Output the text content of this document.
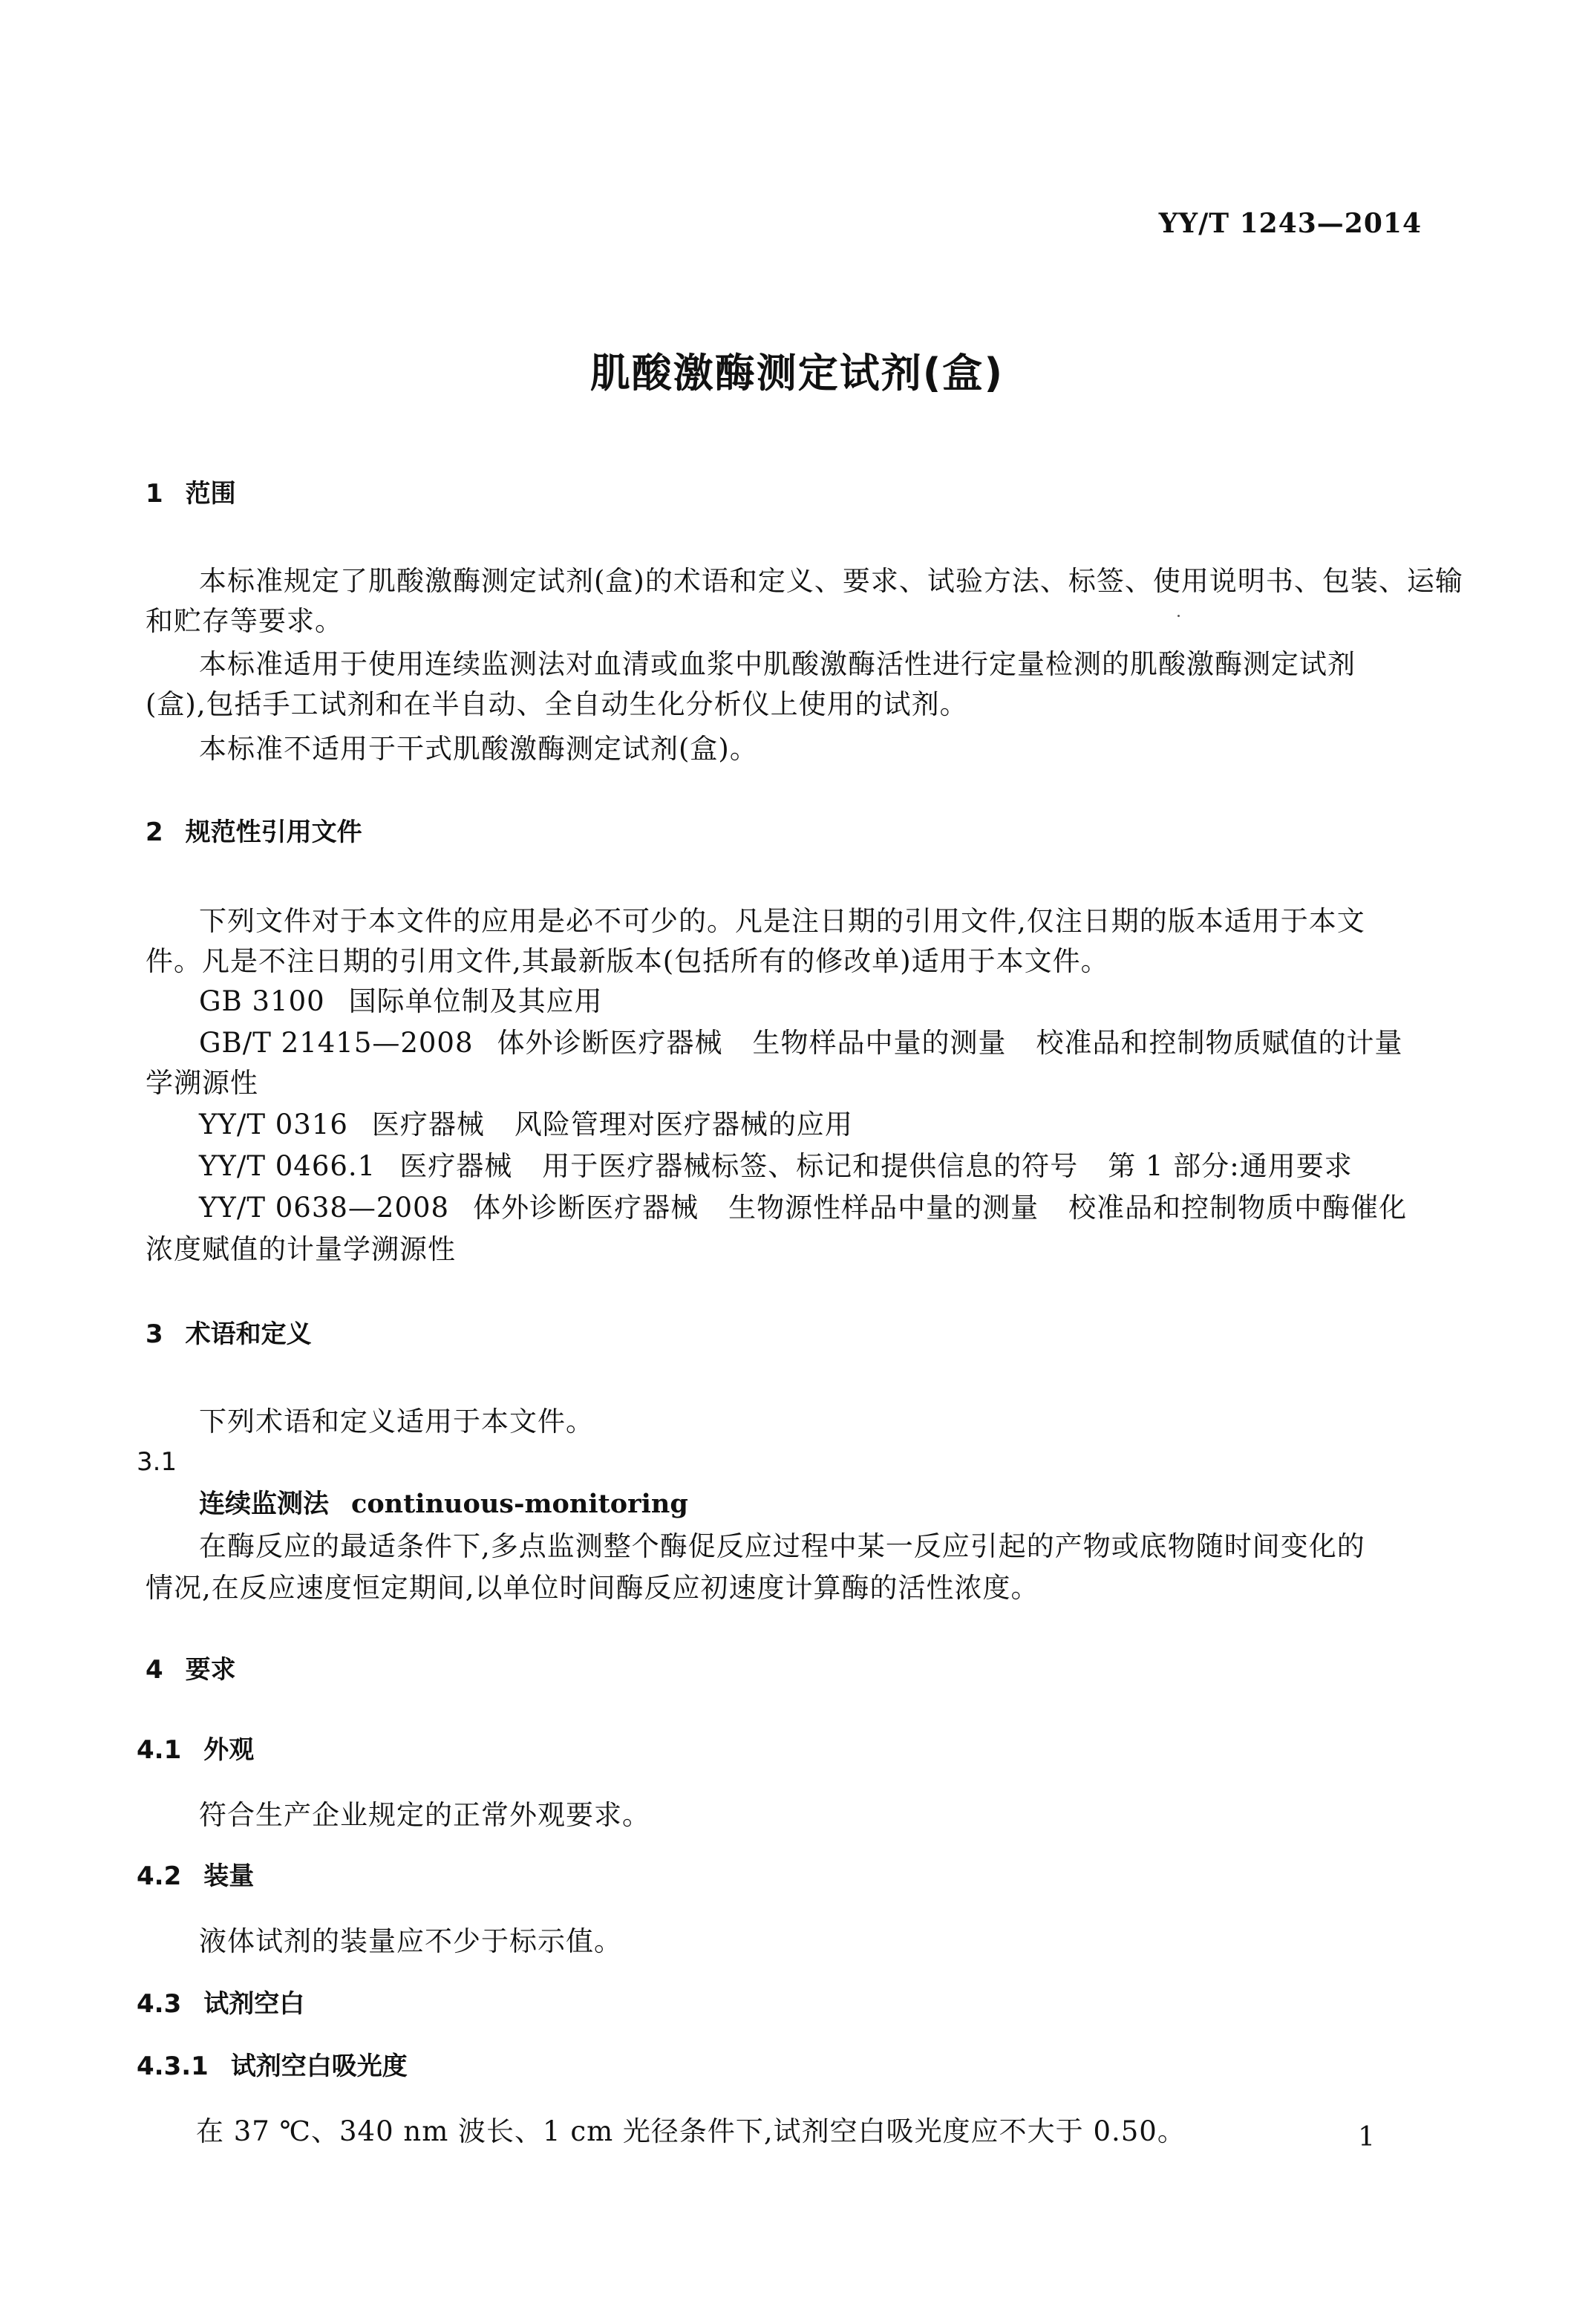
YY/T 1243—2014
肌酸激酶测定试剂(盒)
1 范围
本标准规定了肌酸激酶测定试剂(盒)的术语和定义、要求、试验方法、标签、使用说明书、包装、运输
和贮存等要求。
本标准适用于使用连续监测法对血清或血浆中肌酸激酶活性进行定量检测的肌酸激酶测定试剂
(盒),包括手工试剂和在半自动、全自动生化分析仪上使用的试剂。
本标准不适用于干式肌酸激酶测定试剂(盒)。
2 规范性引用文件
下列文件对于本文件的应用是必不可少的。凡是注日期的引用文件,仅注日期的版本适用于本文
件。凡是不注日期的引用文件,其最新版本(包括所有的修改单)适用于本文件。
GB 3100 国际单位制及其应用
GB/T 21415—2008 体外诊断医疗器械 生物样品中量的测量 校准品和控制物质赋值的计量
学溯源性
YY/T 0316 医疗器械 风险管理对医疗器械的应用
YY/T 0466.1 医疗器械 用于医疗器械标签、标记和提供信息的符号 第 1 部分:通用要求
YY/T 0638—2008 体外诊断医疗器械 生物源性样品中量的测量 校准品和控制物质中酶催化
浓度赋值的计量学溯源性
3 术语和定义
下列术语和定义适用于本文件。
3.1
连续监测法 continuous-monitoring
在酶反应的最适条件下,多点监测整个酶促反应过程中某一反应引起的产物或底物随时间变化的
情况,在反应速度恒定期间,以单位时间酶反应初速度计算酶的活性浓度。
4 要求
4.1 外观
符合生产企业规定的正常外观要求。
4.2 装量
液体试剂的装量应不少于标示值。
4.3 试剂空白
4.3.1 试剂空白吸光度
在 37 ℃、340 nm 波长、1 cm 光径条件下,试剂空白吸光度应不大于 0.50。	1
